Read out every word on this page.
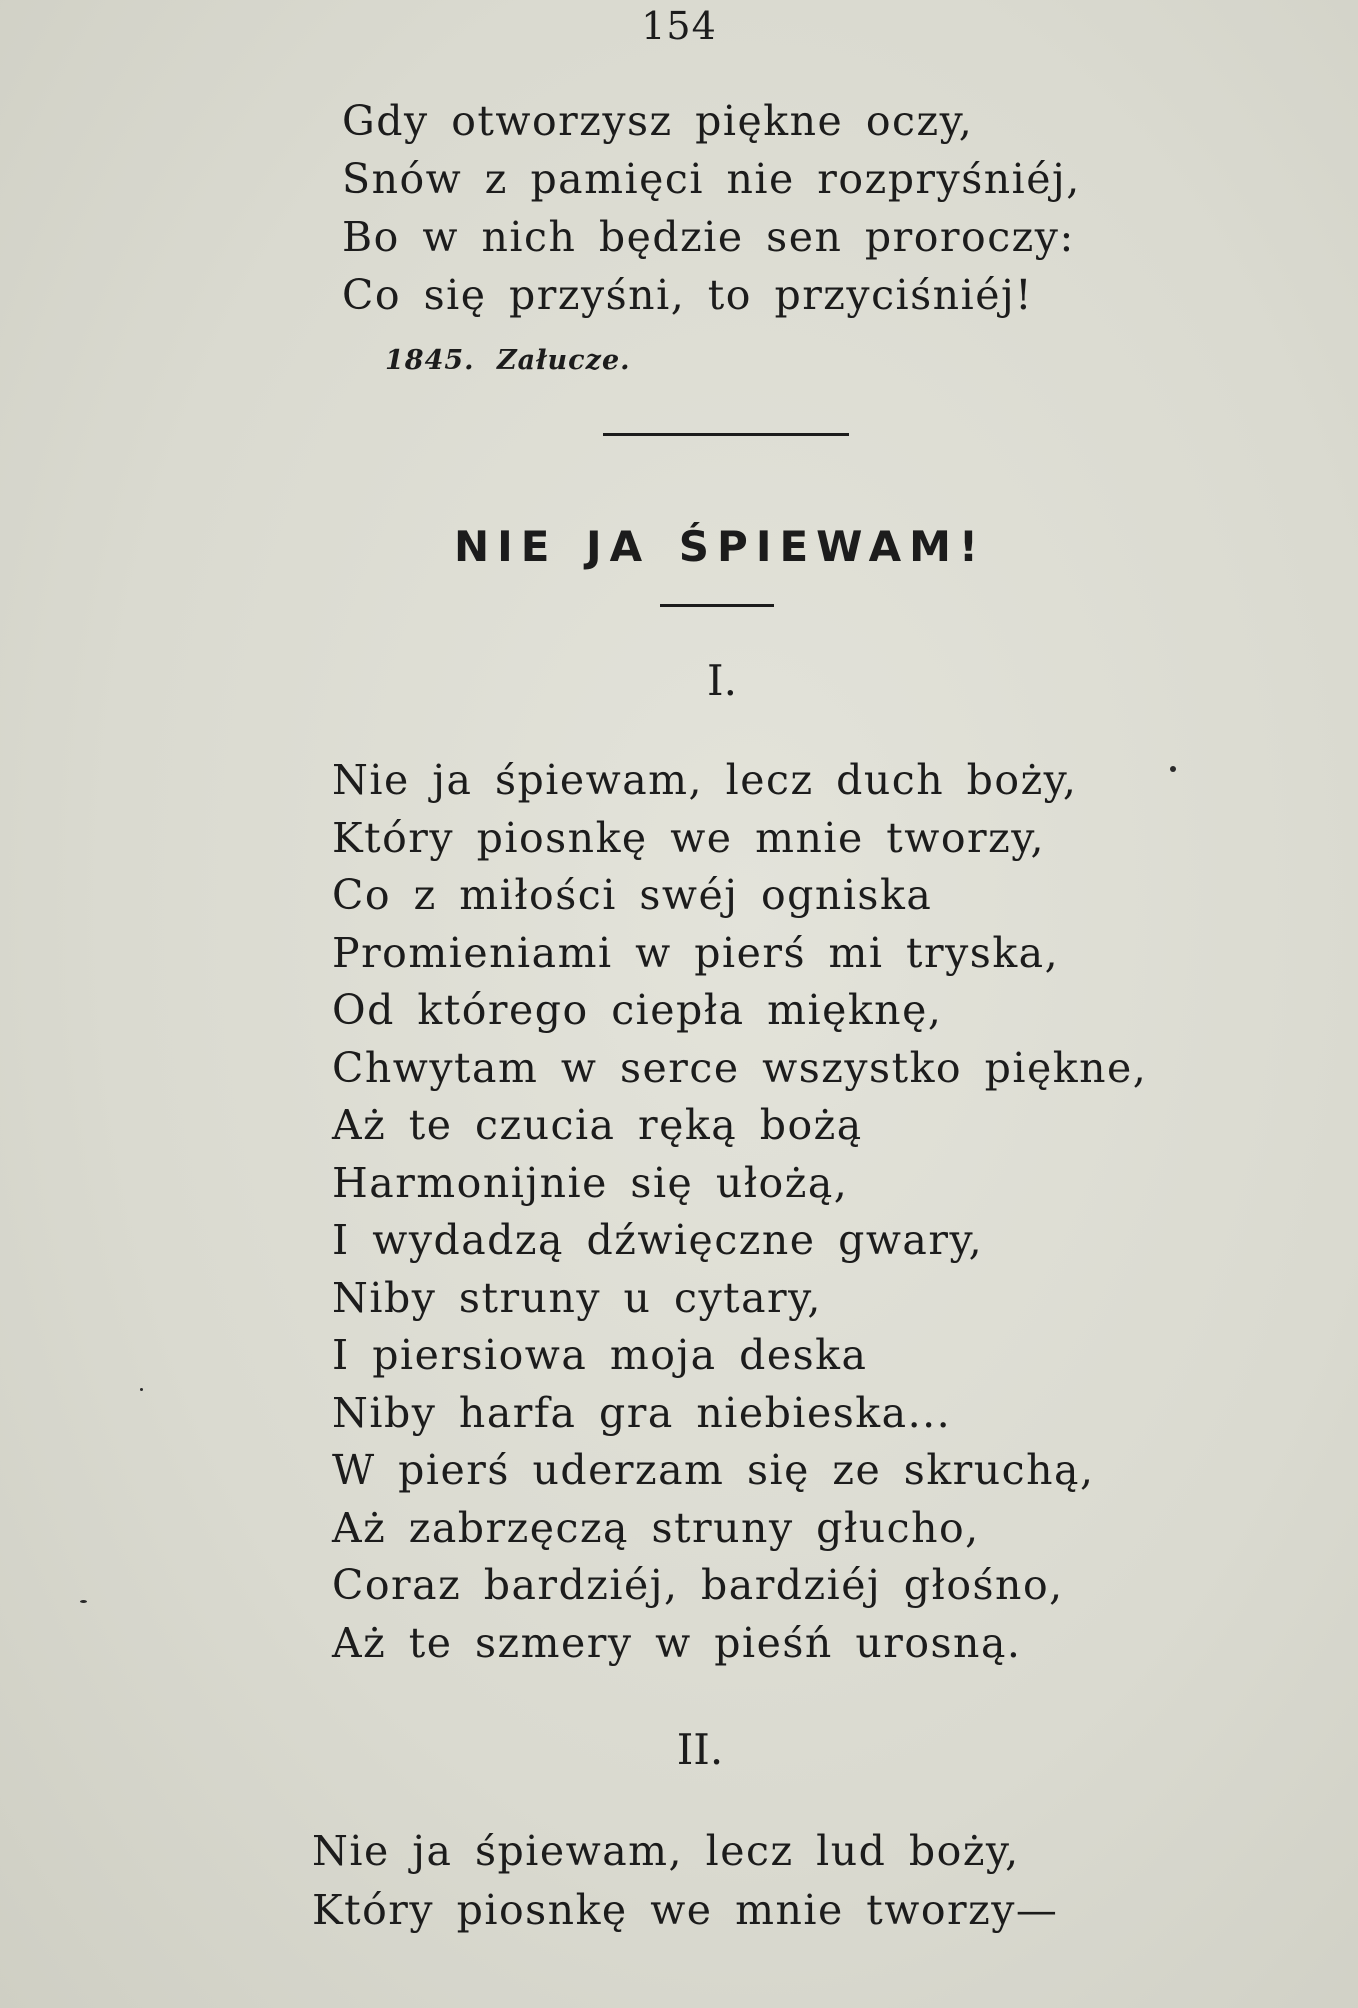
154
Gdy otworzysz piękne oczy,
Snów z pamięci nie rozpryśniéj,
Bo w nich będzie sen proroczy:
Co się przyśni, to przyciśniéj!
1845. Załucze.
NIE JA ŚPIEWAM!
I.
Nie ja śpiewam, lecz duch boży,
Który piosnkę we mnie tworzy,
Co z miłości swéj ogniska
Promieniami w pierś mi tryska,
Od którego ciepła mięknę,
Chwytam w serce wszystko piękne,
Aż te czucia ręką bożą
Harmonijnie się ułożą,
I wydadzą dźwięczne gwary,
Niby struny u cytary,
I piersiowa moja deska
Niby harfa gra niebieska...
W pierś uderzam się ze skruchą,
Aż zabrzęczą struny głucho,
Coraz bardziéj, bardziéj głośno,
Aż te szmery w pieśń urosną.
II.
Nie ja śpiewam, lecz lud boży,
Który piosnkę we mnie tworzy—
